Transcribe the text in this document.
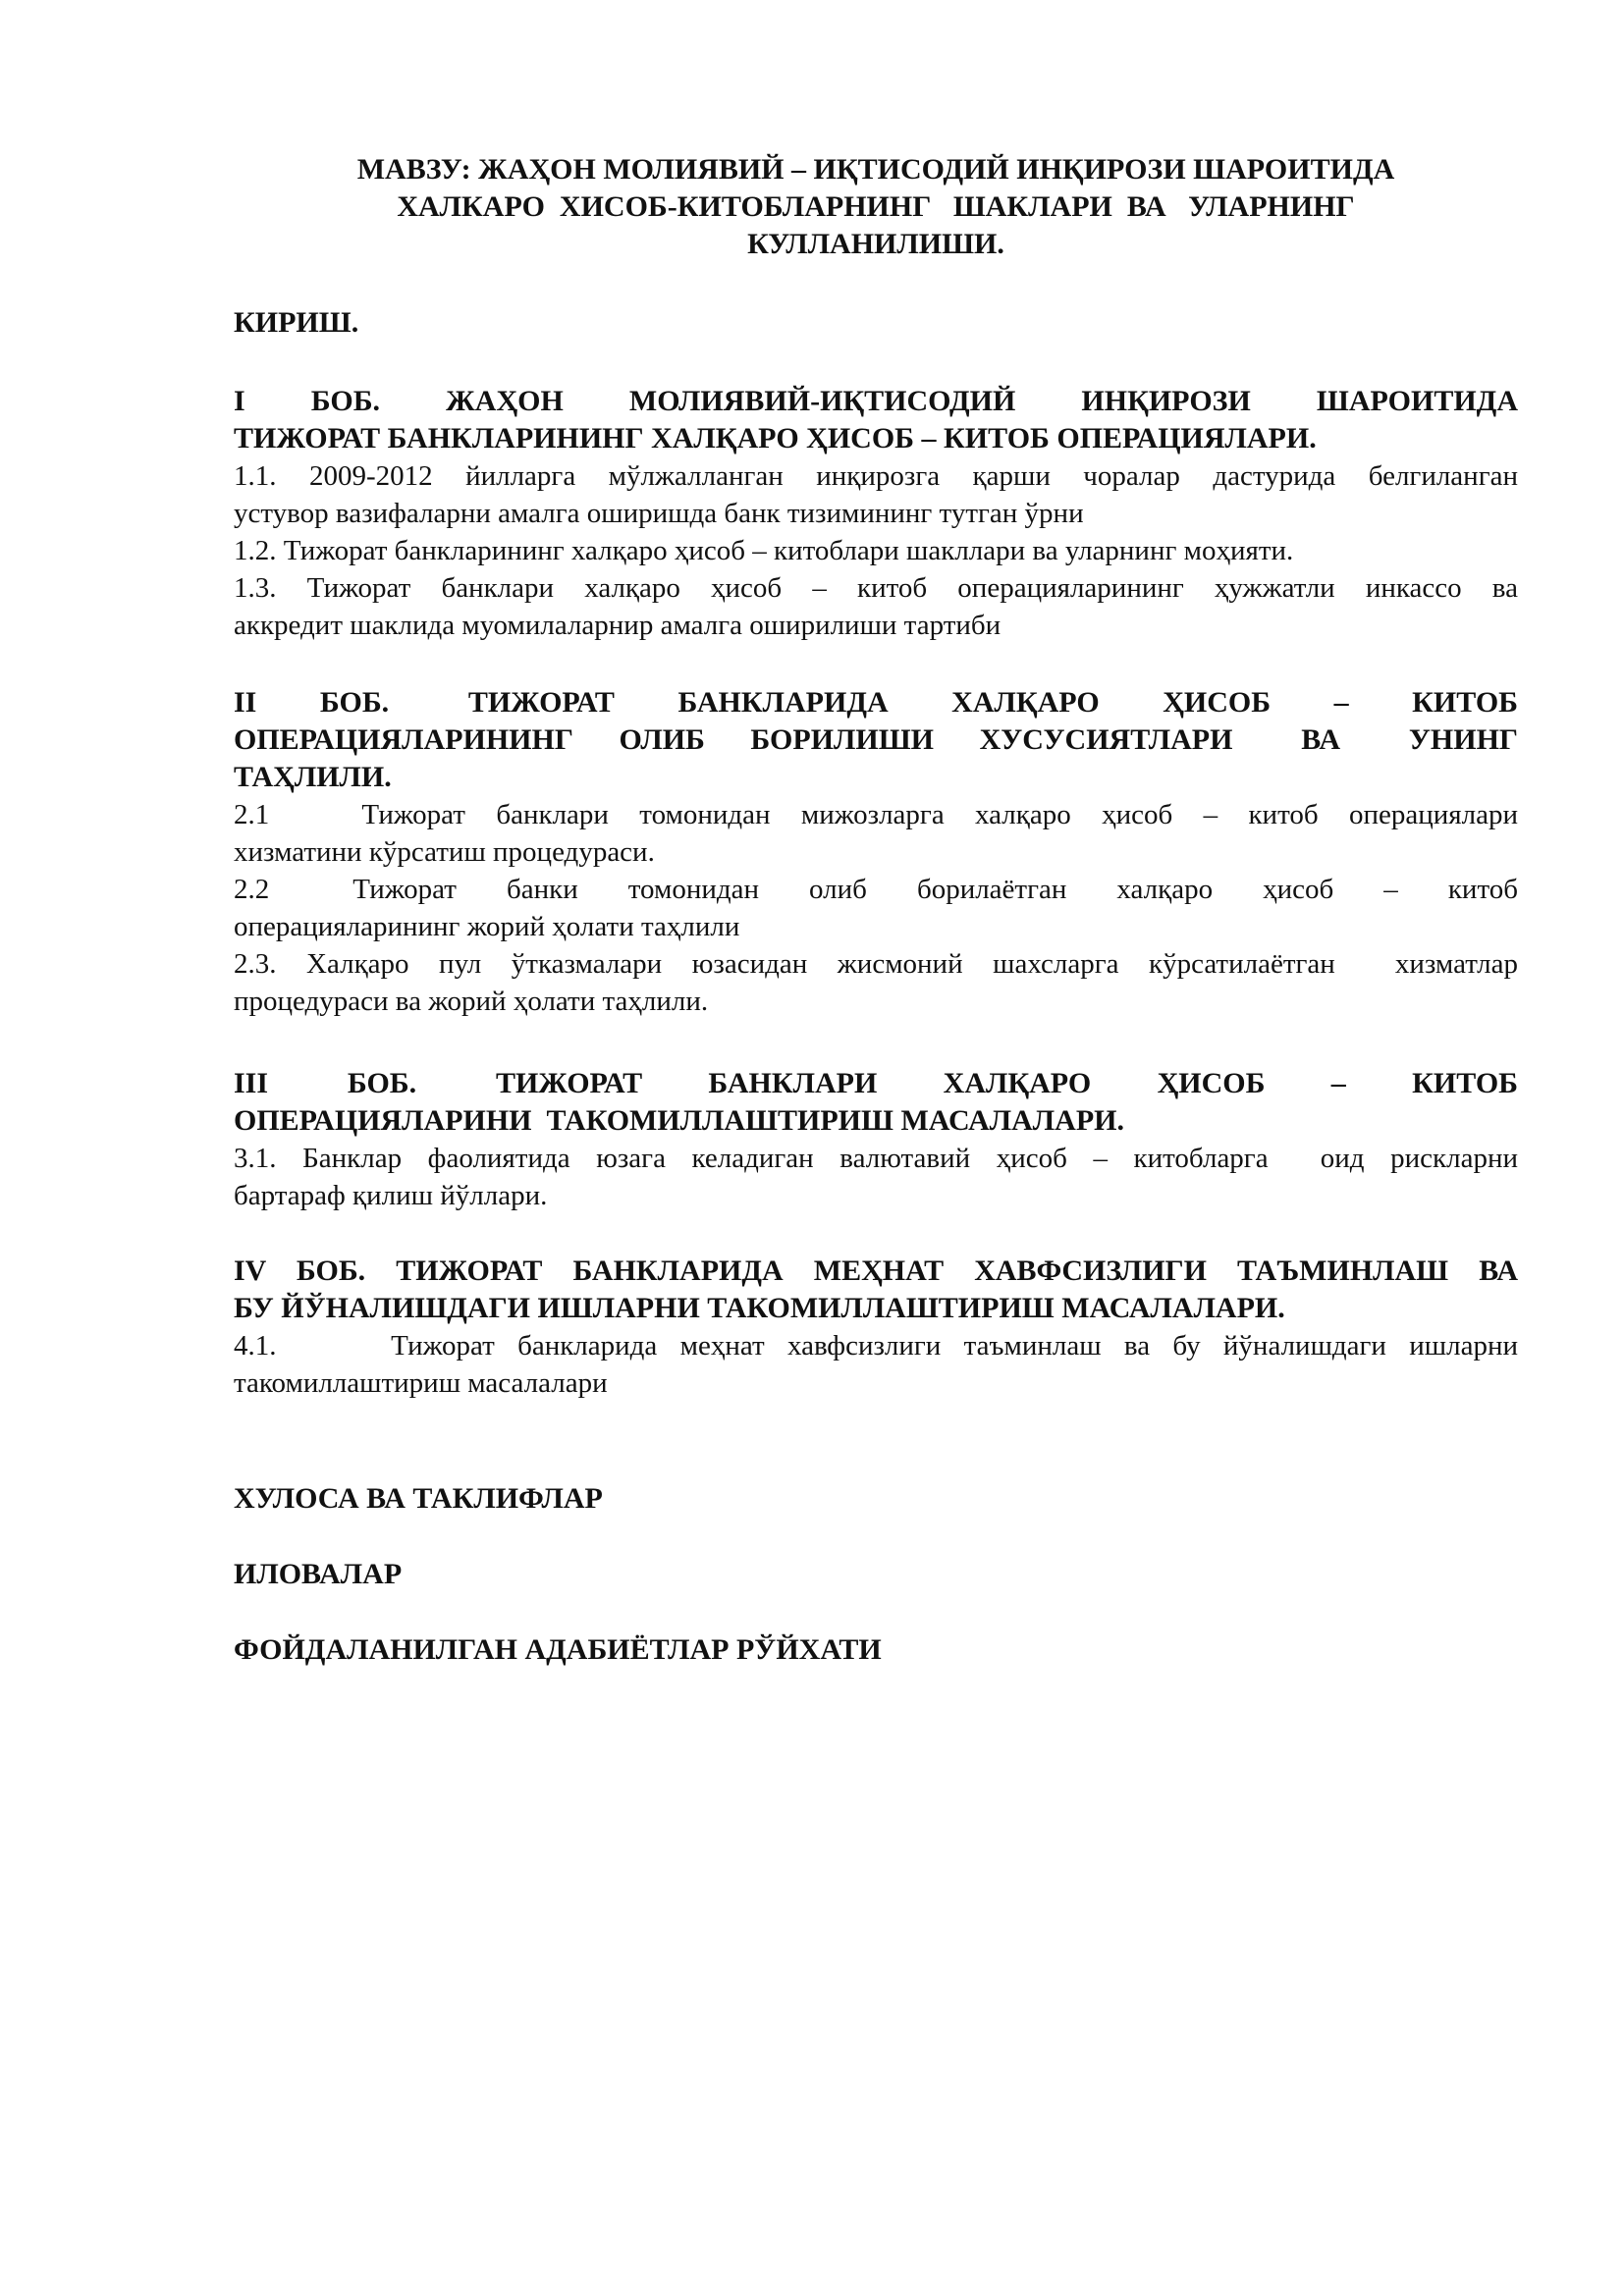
МАВЗУ: ЖАҲОН МОЛИЯВИЙ – ИҚТИСОДИЙ ИНҚИРОЗИ ШАРОИТИДА
ХАЛКАРО  ХИСОБ-КИТОБЛАРНИНГ   ШАКЛАРИ  ВА   УЛАРНИНГ
КУЛЛАНИЛИШИ.
КИРИШ.
I    БОБ.    ЖАҲОН    МОЛИЯВИЙ-ИҚТИСОДИЙ    ИНҚИРОЗИ    ШАРОИТИДА
ТИЖОРАТ БАНКЛАРИНИНГ ХАЛҚАРО ҲИСОБ – КИТОБ ОПЕРАЦИЯЛАРИ.
1.1. 2009-2012 йилларга мўлжалланган инқирозга қарши чоралар дастурида белгиланган
устувор вазифаларни амалга оширишда банк тизимининг тутган ўрни
1.2. Тижорат банкларининг халқаро ҳисоб – китоблари шакллари ва уларнинг моҳияти.
1.3. Тижорат банклари халқаро ҳисоб – китоб операцияларининг ҳужжатли инкассо ва
аккредит шаклида муомилаларнир амалга оширилиши тартиби
II    БОБ.     ТИЖОРАТ    БАНКЛАРИДА    ХАЛҚАРО    ҲИСОБ    –    КИТОБ
ОПЕРАЦИЯЛАРИНИНГ  ОЛИБ  БОРИЛИШИ  ХУСУСИЯТЛАРИ   ВА   УНИНГ
ТАҲЛИЛИ.
2.1   Тижорат банклари томонидан мижозларга халқаро ҳисоб – китоб операциялари
хизматини кўрсатиш процедураси.
2.2     Тижорат   банки   томонидан   олиб   борилаётган   халқаро   ҳисоб   –   китоб
операцияларининг жорий ҳолати таҳлили
2.3. Халқаро пул ўтказмалари юзасидан жисмоний шахсларга кўрсатилаётган  хизматлар
процедураси ва жорий ҳолати таҳлили.
III      БОБ.      ТИЖОРАТ     БАНКЛАРИ     ХАЛҚАРО     ҲИСОБ     –     КИТОБ
ОПЕРАЦИЯЛАРИНИ  ТАКОМИЛЛАШТИРИШ МАСАЛАЛАРИ.
3.1. Банклар фаолиятида юзага келадиган валютавий ҳисоб – китобларга  оид рискларни
бартараф қилиш йўллари.
IV БОБ. ТИЖОРАТ БАНКЛАРИДА МЕҲНАТ ХАВФСИЗЛИГИ ТАЪМИНЛАШ ВА
БУ ЙЎНАЛИШДАГИ ИШЛАРНИ ТАКОМИЛЛАШТИРИШ МАСАЛАЛАРИ.
4.1.     Тижорат банкларида меҳнат хавфсизлиги таъминлаш ва бу йўналишдаги ишларни
такомиллаштириш масалалари
ХУЛОСА ВА ТАКЛИФЛАР
ИЛОВАЛАР
ФОЙДАЛАНИЛГАН АДАБИЁТЛАР РЎЙХАТИ
